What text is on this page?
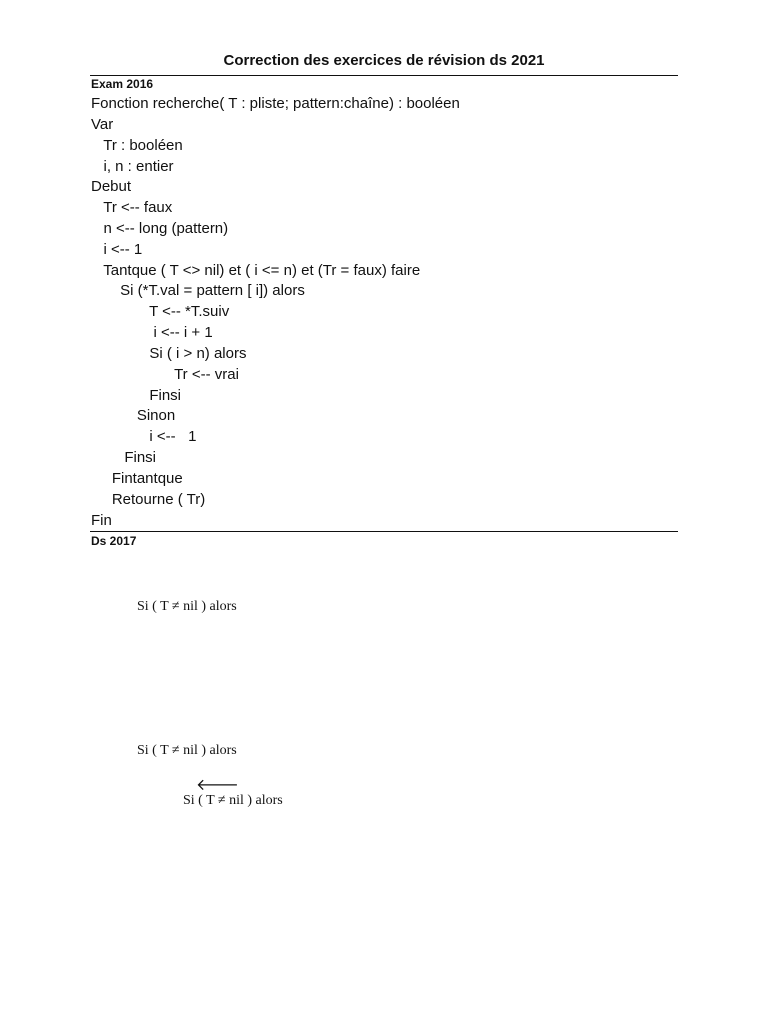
Correction des exercices de révision ds 2021
Exam 2016
Fonction recherche( T : pliste; pattern:chaîne) : booléen
Var
Tr : booléen
i, n : entier
Debut
Tr <-- faux
n <-- long (pattern)
i <-- 1
Tantque ( T <> nil) et ( i <= n) et (Tr = faux) faire
Si (*T.val = pattern [ i]) alors
T <-- *T.suiv
i <-- i + 1
Si ( i > n) alors
Tr <-- vrai
Finsi
Sinon
i <--   1
Finsi
Fintantque
Retourne ( Tr)
Fin
Ds 2017
Si ( T ≠ nil ) alors
Si ( T ≠ nil ) alors
🡐
Si ( T ≠ nil ) alors
